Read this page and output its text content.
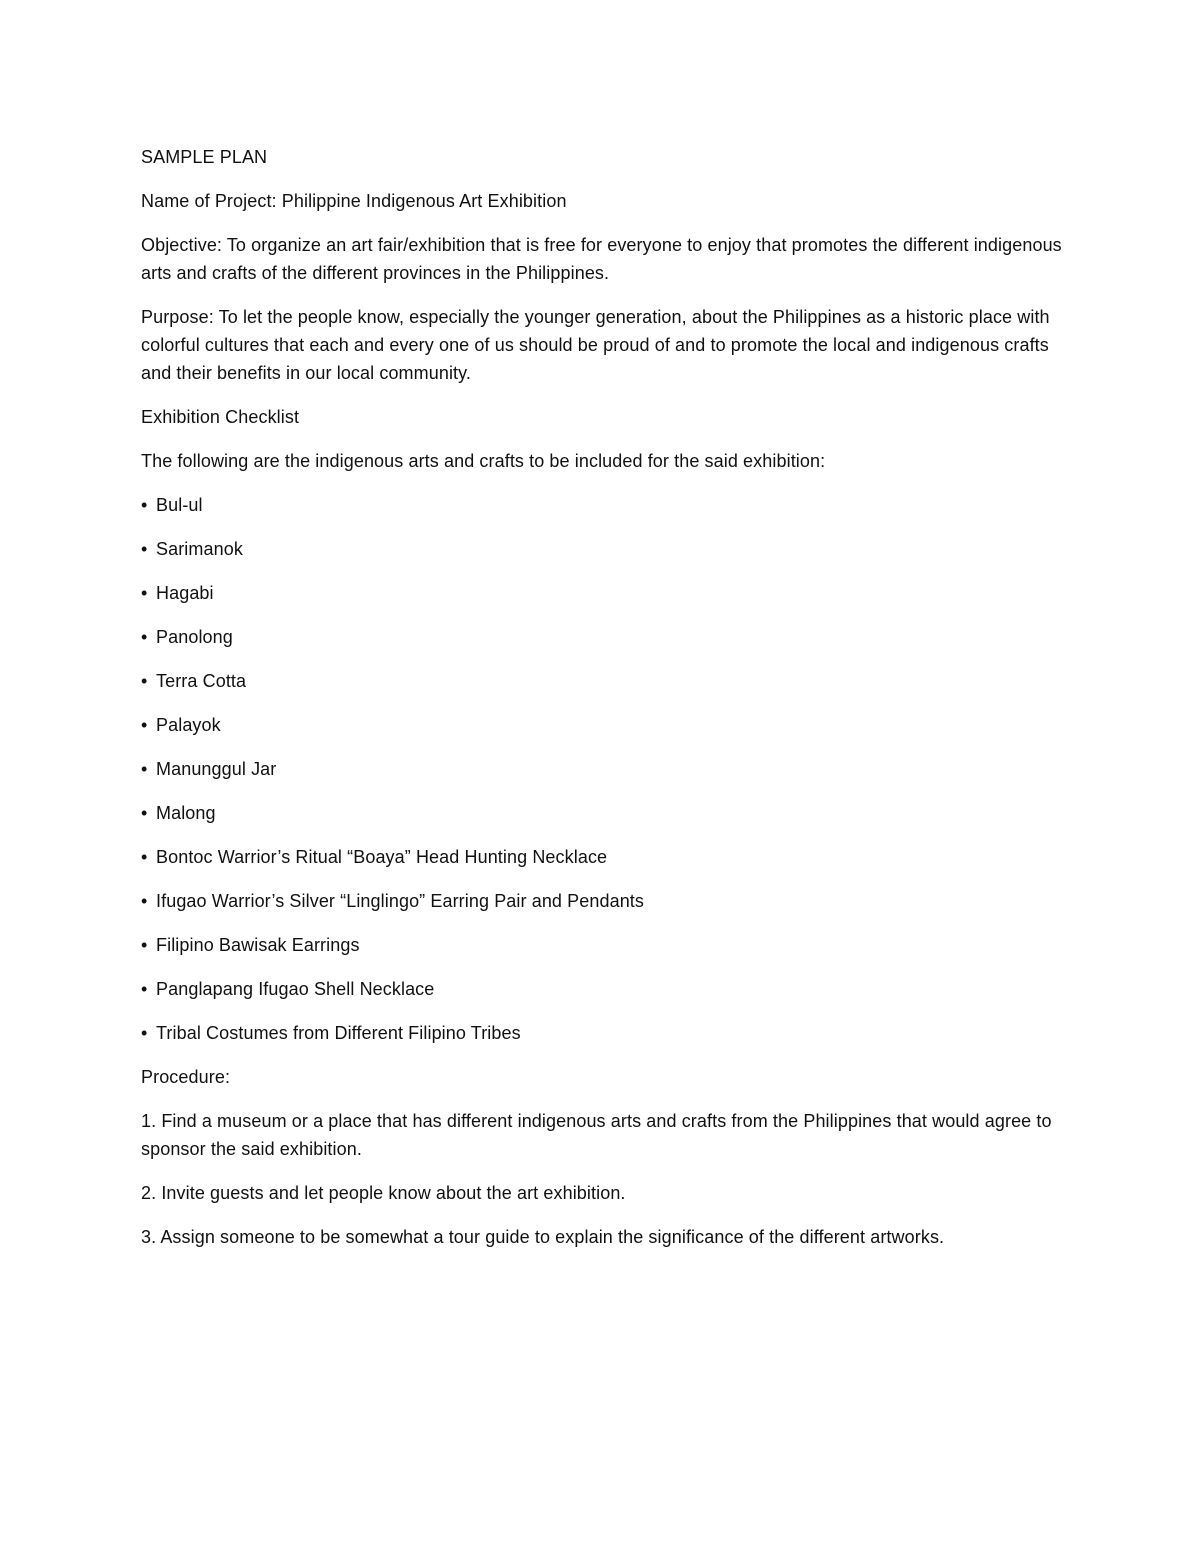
SAMPLE PLAN

Name of Project: Philippine Indigenous Art Exhibition

Objective: To organize an art fair/exhibition that is free for everyone to enjoy that promotes the different indigenous arts and crafts of the different provinces in the Philippines.

Purpose: To let the people know, especially the younger generation, about the Philippines as a historic place with colorful cultures that each and every one of us should be proud of and to promote the local and indigenous crafts and their benefits in our local community.

Exhibition Checklist

The following are the indigenous arts and crafts to be included for the said exhibition:

• Bul-ul
• Sarimanok
• Hagabi
• Panolong
• Terra Cotta
• Palayok
• Manunggul Jar
• Malong
• Bontoc Warrior’s Ritual “Boaya” Head Hunting Necklace
• Ifugao Warrior’s Silver “Linglingo” Earring Pair and Pendants
• Filipino Bawisak Earrings
• Panglapang Ifugao Shell Necklace
• Tribal Costumes from Different Filipino Tribes

Procedure:

1. Find a museum or a place that has different indigenous arts and crafts from the Philippines that would agree to sponsor the said exhibition.
2. Invite guests and let people know about the art exhibition.
3. Assign someone to be somewhat a tour guide to explain the significance of the different artworks.
